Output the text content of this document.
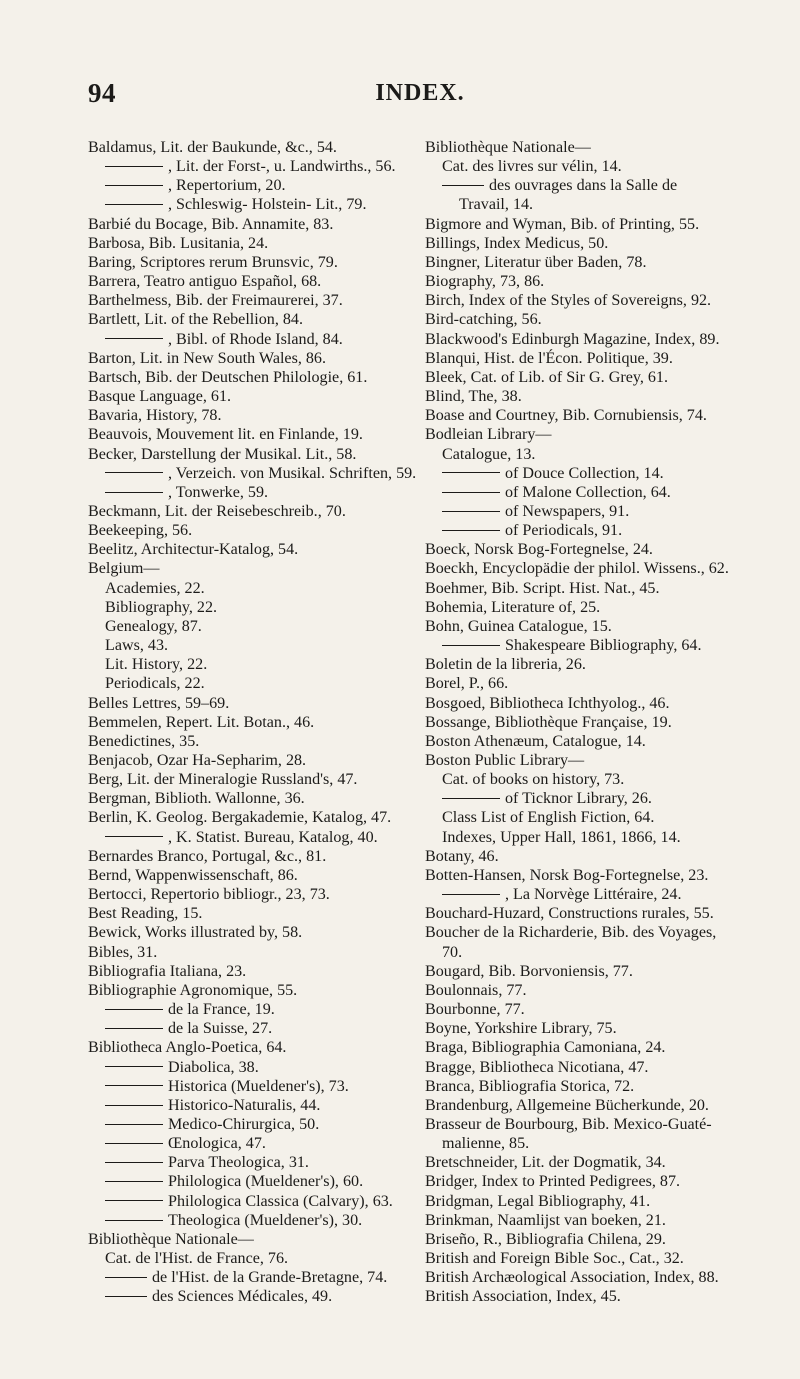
94	INDEX.
Baldamus, Lit. der Baukunde, &c., 54.
, Lit. der Forst-, u. Landwirths., 56.
, Repertorium, 20.
, Schleswig- Holstein- Lit., 79.
Barbié du Bocage, Bib. Annamite, 83.
Barbosa, Bib. Lusitania, 24.
Baring, Scriptores rerum Brunsvic, 79.
Barrera, Teatro antiguo Español, 68.
Barthelmess, Bib. der Freimaurerei, 37.
Bartlett, Lit. of the Rebellion, 84.
, Bibl. of Rhode Island, 84.
Barton, Lit. in New South Wales, 86.
Bartsch, Bib. der Deutschen Philologie, 61.
Basque Language, 61.
Bavaria, History, 78.
Beauvois, Mouvement lit. en Finlande, 19.
Becker, Darstellung der Musikal. Lit., 58.
, Verzeich. von Musikal. Schriften, 59.
, Tonwerke, 59.
Beckmann, Lit. der Reisebeschreib., 70.
Beekeeping, 56.
Beelitz, Architectur-Katalog, 54.
Belgium—
Academies, 22.
Bibliography, 22.
Genealogy, 87.
Laws, 43.
Lit. History, 22.
Periodicals, 22.
Belles Lettres, 59–69.
Bemmelen, Repert. Lit. Botan., 46.
Benedictines, 35.
Benjacob, Ozar Ha-Sepharim, 28.
Berg, Lit. der Mineralogie Russland's, 47.
Bergman, Biblioth. Wallonne, 36.
Berlin, K. Geolog. Bergakademie, Katalog, 47.
, K. Statist. Bureau, Katalog, 40.
Bernardes Branco, Portugal, &c., 81.
Bernd, Wappenwissenschaft, 86.
Bertocci, Repertorio bibliogr., 23, 73.
Best Reading, 15.
Bewick, Works illustrated by, 58.
Bibles, 31.
Bibliografia Italiana, 23.
Bibliographie Agronomique, 55.
de la France, 19.
de la Suisse, 27.
Bibliotheca Anglo-Poetica, 64.
Diabolica, 38.
Historica (Mueldener's), 73.
Historico-Naturalis, 44.
Medico-Chirurgica, 50.
Œnologica, 47.
Parva Theologica, 31.
Philologica (Mueldener's), 60.
Philologica Classica (Calvary), 63.
Theologica (Mueldener's), 30.
Bibliothèque Nationale—
Cat. de l'Hist. de France, 76.
de l'Hist. de la Grande-Bretagne, 74.
des Sciences Médicales, 49.
Bibliothèque Nationale—
Cat. des livres sur vélin, 14.
des ouvrages dans la Salle de
Travail, 14.
Bigmore and Wyman, Bib. of Printing, 55.
Billings, Index Medicus, 50.
Bingner, Literatur über Baden, 78.
Biography, 73, 86.
Birch, Index of the Styles of Sovereigns, 92.
Bird-catching, 56.
Blackwood's Edinburgh Magazine, Index, 89.
Blanqui, Hist. de l'Écon. Politique, 39.
Bleek, Cat. of Lib. of Sir G. Grey, 61.
Blind, The, 38.
Boase and Courtney, Bib. Cornubiensis, 74.
Bodleian Library—
Catalogue, 13.
of Douce Collection, 14.
of Malone Collection, 64.
of Newspapers, 91.
of Periodicals, 91.
Boeck, Norsk Bog-Fortegnelse, 24.
Boeckh, Encyclopädie der philol. Wissens., 62.
Boehmer, Bib. Script. Hist. Nat., 45.
Bohemia, Literature of, 25.
Bohn, Guinea Catalogue, 15.
Shakespeare Bibliography, 64.
Boletin de la libreria, 26.
Borel, P., 66.
Bosgoed, Bibliotheca Ichthyolog., 46.
Bossange, Bibliothèque Française, 19.
Boston Athenæum, Catalogue, 14.
Boston Public Library—
Cat. of books on history, 73.
of Ticknor Library, 26.
Class List of English Fiction, 64.
Indexes, Upper Hall, 1861, 1866, 14.
Botany, 46.
Botten-Hansen, Norsk Bog-Fortegnelse, 23.
, La Norvège Littéraire, 24.
Bouchard-Huzard, Constructions rurales, 55.
Boucher de la Richarderie, Bib. des Voyages,
70.
Bougard, Bib. Borvoniensis, 77.
Boulonnais, 77.
Bourbonne, 77.
Boyne, Yorkshire Library, 75.
Braga, Bibliographia Camoniana, 24.
Bragge, Bibliotheca Nicotiana, 47.
Branca, Bibliografia Storica, 72.
Brandenburg, Allgemeine Bücherkunde, 20.
Brasseur de Bourbourg, Bib. Mexico-Guaté-
malienne, 85.
Bretschneider, Lit. der Dogmatik, 34.
Bridger, Index to Printed Pedigrees, 87.
Bridgman, Legal Bibliography, 41.
Brinkman, Naamlijst van boeken, 21.
Briseño, R., Bibliografia Chilena, 29.
British and Foreign Bible Soc., Cat., 32.
British Archæological Association, Index, 88.
British Association, Index, 45.
